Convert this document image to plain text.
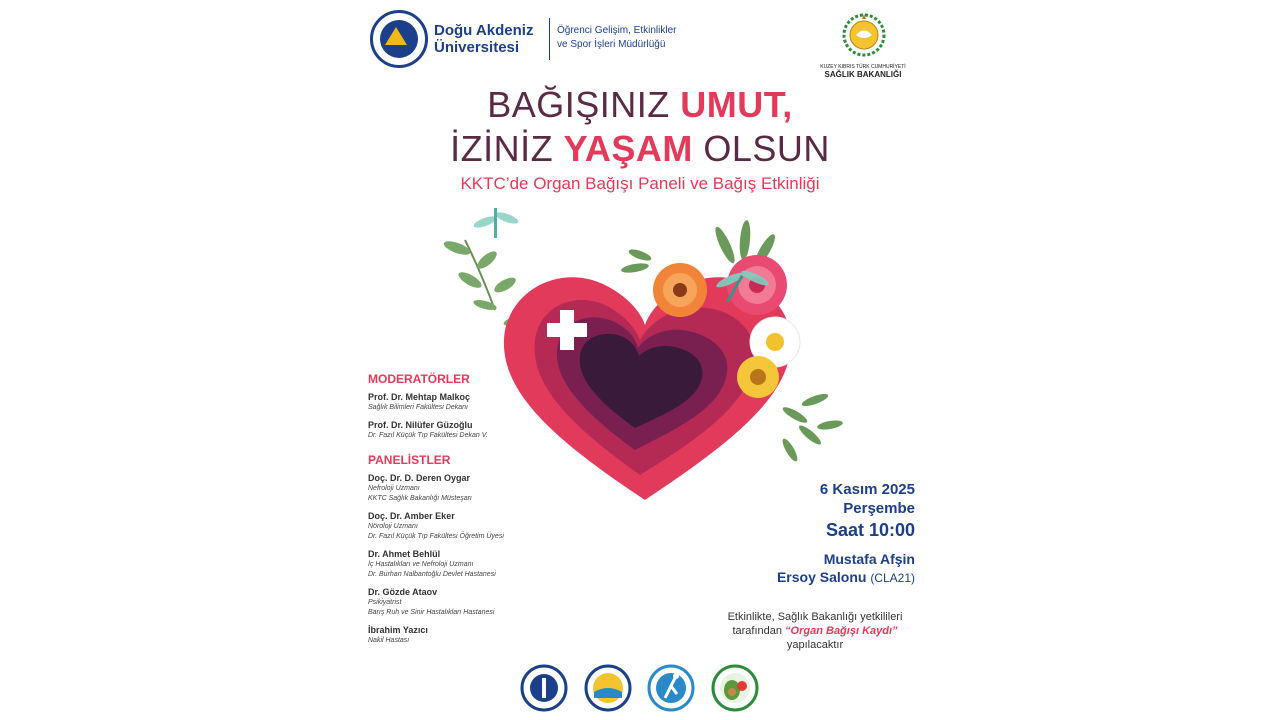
Doğu Akdeniz
Üniversitesi
Öğrenci Gelişim, Etkinlikler
ve Spor İşleri Müdürlüğü
KUZEY KIBRIS TÜRK CUMHURİYETİ
SAĞLIK BAKANLIĞI
BAĞIŞINIZ UMUT,
İZİNİZ YAŞAM OLSUN
KKTC’de Organ Bağışı Paneli ve Bağış Etkinliği
MODERATÖRLER
Prof. Dr. Mehtap Malkoç
Sağlık Bilimleri Fakültesi Dekanı
Prof. Dr. Nilüfer Güzoğlu
Dr. Fazıl Küçük Tıp Fakültesi Dekan V.
PANELİSTLER
Doç. Dr. D. Deren Oygar
Nefroloji Uzmanı
KKTC Sağlık Bakanlığı Müsteşarı
Doç. Dr. Amber Eker
Nöroloji Uzmanı
Dr. Fazıl Küçük Tıp Fakültesi Öğretim Üyesi
Dr. Ahmet Behlül
İç Hastalıkları ve Nefroloji Uzmanı
Dr. Burhan Nalbantoğlu Devlet Hastanesi
Dr. Gözde Ataov
Psikiyatrist
Barış Ruh ve Sinir Hastalıkları Hastanesi
İbrahim Yazıcı
Nakil Hastası
6 Kasım 2025
Perşembe
Saat 10:00
Mustafa Afşin
Ersoy Salonu (CLA21)
Etkinlikte, Sağlık Bakanlığı yetkilileri
tarafından “Organ Bağışı Kaydı”
yapılacaktır
